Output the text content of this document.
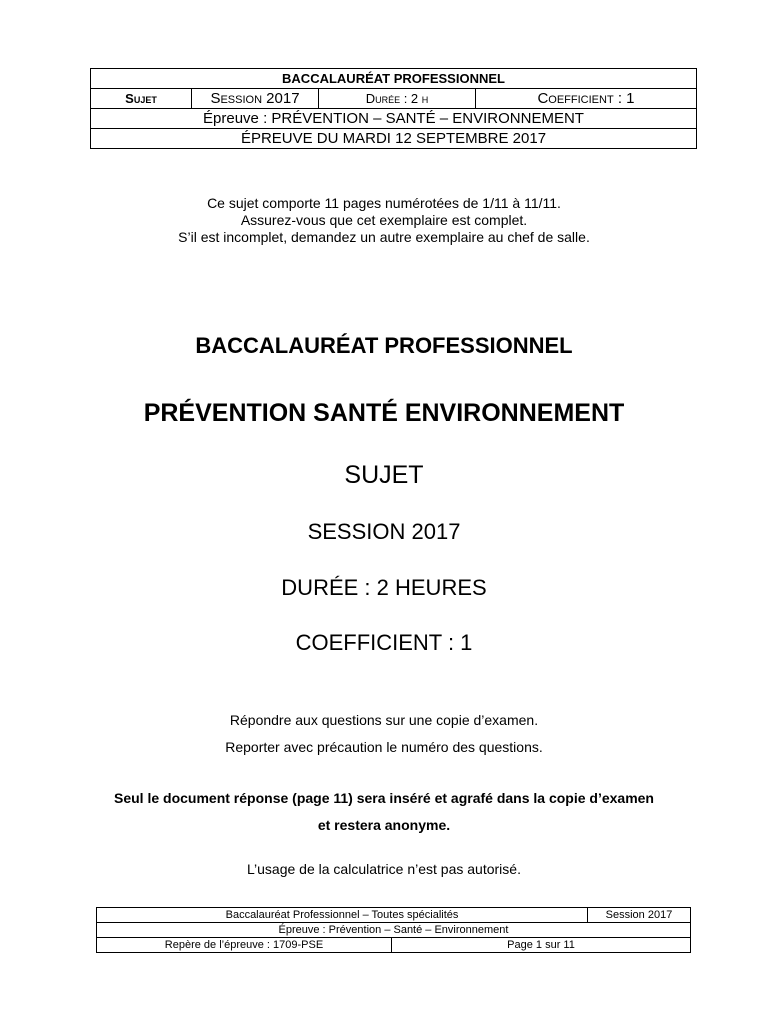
BACCALAURÉAT PROFESSIONNEL
Sujet	Session 2017	Durée : 2 h	Coefficient : 1
Épreuve : PRÉVENTION – SANTÉ – ENVIRONNEMENT
ÉPREUVE DU MARDI 12 SEPTEMBRE 2017
Ce sujet comporte 11 pages numérotées de 1/11 à 11/11.
Assurez-vous que cet exemplaire est complet.
S’il est incomplet, demandez un autre exemplaire au chef de salle.

BACCALAURÉAT PROFESSIONNEL

PRÉVENTION SANTÉ ENVIRONNEMENT

SUJET

SESSION 2017

DURÉE : 2 HEURES

COEFFICIENT : 1

Répondre aux questions sur une copie d’examen.

Reporter avec précaution le numéro des questions.

Seul le document réponse (page 11) sera inséré et agrafé dans la copie d’examen

et restera anonyme.

L’usage de la calculatrice n’est pas autorisé.

Baccalauréat Professionnel – Toutes spécialités		Session 2017
Épreuve : Prévention – Santé – Environnement		
Repère de l’épreuve : 1709-PSE	Page 1 sur 11	
